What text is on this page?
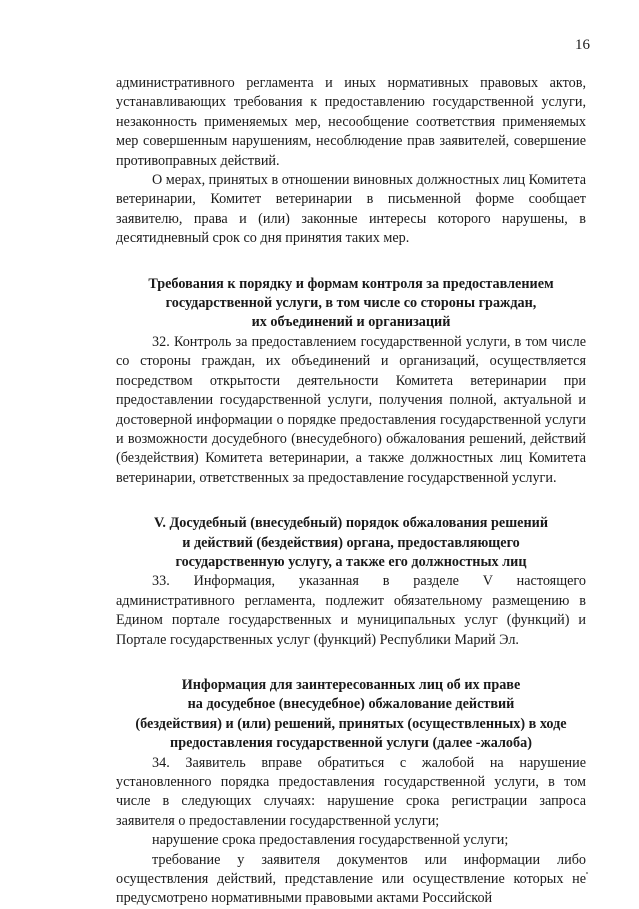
16

административного регламента и иных нормативных правовых актов, устанавливающих требования к предоставлению государственной услуги, незаконность применяемых мер, несообщение соответствия применяемых мер совершенным нарушениям, несоблюдение прав заявителей, совершение противоправных действий.

О мерах, принятых в отношении виновных должностных лиц Комитета ветеринарии, Комитет ветеринарии в письменной форме сообщает заявителю, права и (или) законные интересы которого нарушены, в десятидневный срок со дня принятия таких мер.

Требования к порядку и формам контроля за предоставлением

государственной услуги, в том числе со стороны граждан,

их объединений и организаций

32. Контроль за предоставлением государственной услуги, в том числе со стороны граждан, их объединений и организаций, осуществляется посредством открытости деятельности Комитета ветеринарии при предоставлении государственной услуги, получения полной, актуальной и достоверной информации о порядке предоставления государственной услуги и возможности досудебного (внесудебного) обжалования решений, действий (бездействия) Комитета ветеринарии, а также должностных лиц Комитета ветеринарии, ответственных за предоставление государственной услуги.

V. Досудебный (внесудебный) порядок обжалования решений

и действий (бездействия) органа, предоставляющего

государственную услугу, а также его должностных лиц

33. Информация, указанная в разделе V настоящего административного регламента, подлежит обязательному размещению в Едином портале государственных и муниципальных услуг (функций) и Портале государственных услуг (функций) Республики Марий Эл.

Информация для заинтересованных лиц об их праве

на досудебное (внесудебное) обжалование действий

(бездействия) и (или) решений, принятых (осуществленных) в ходе

предоставления государственной услуги (далее -жалоба)

34. Заявитель вправе обратиться с жалобой на нарушение установленного порядка предоставления государственной услуги, в том числе в следующих случаях: нарушение срока регистрации запроса заявителя о предоставлении государственной услуги;

нарушение срока предоставления государственной услуги;

требование у заявителя документов или информации либо осуществления действий, представление или осуществление которых не предусмотрено нормативными правовыми актами Российской
